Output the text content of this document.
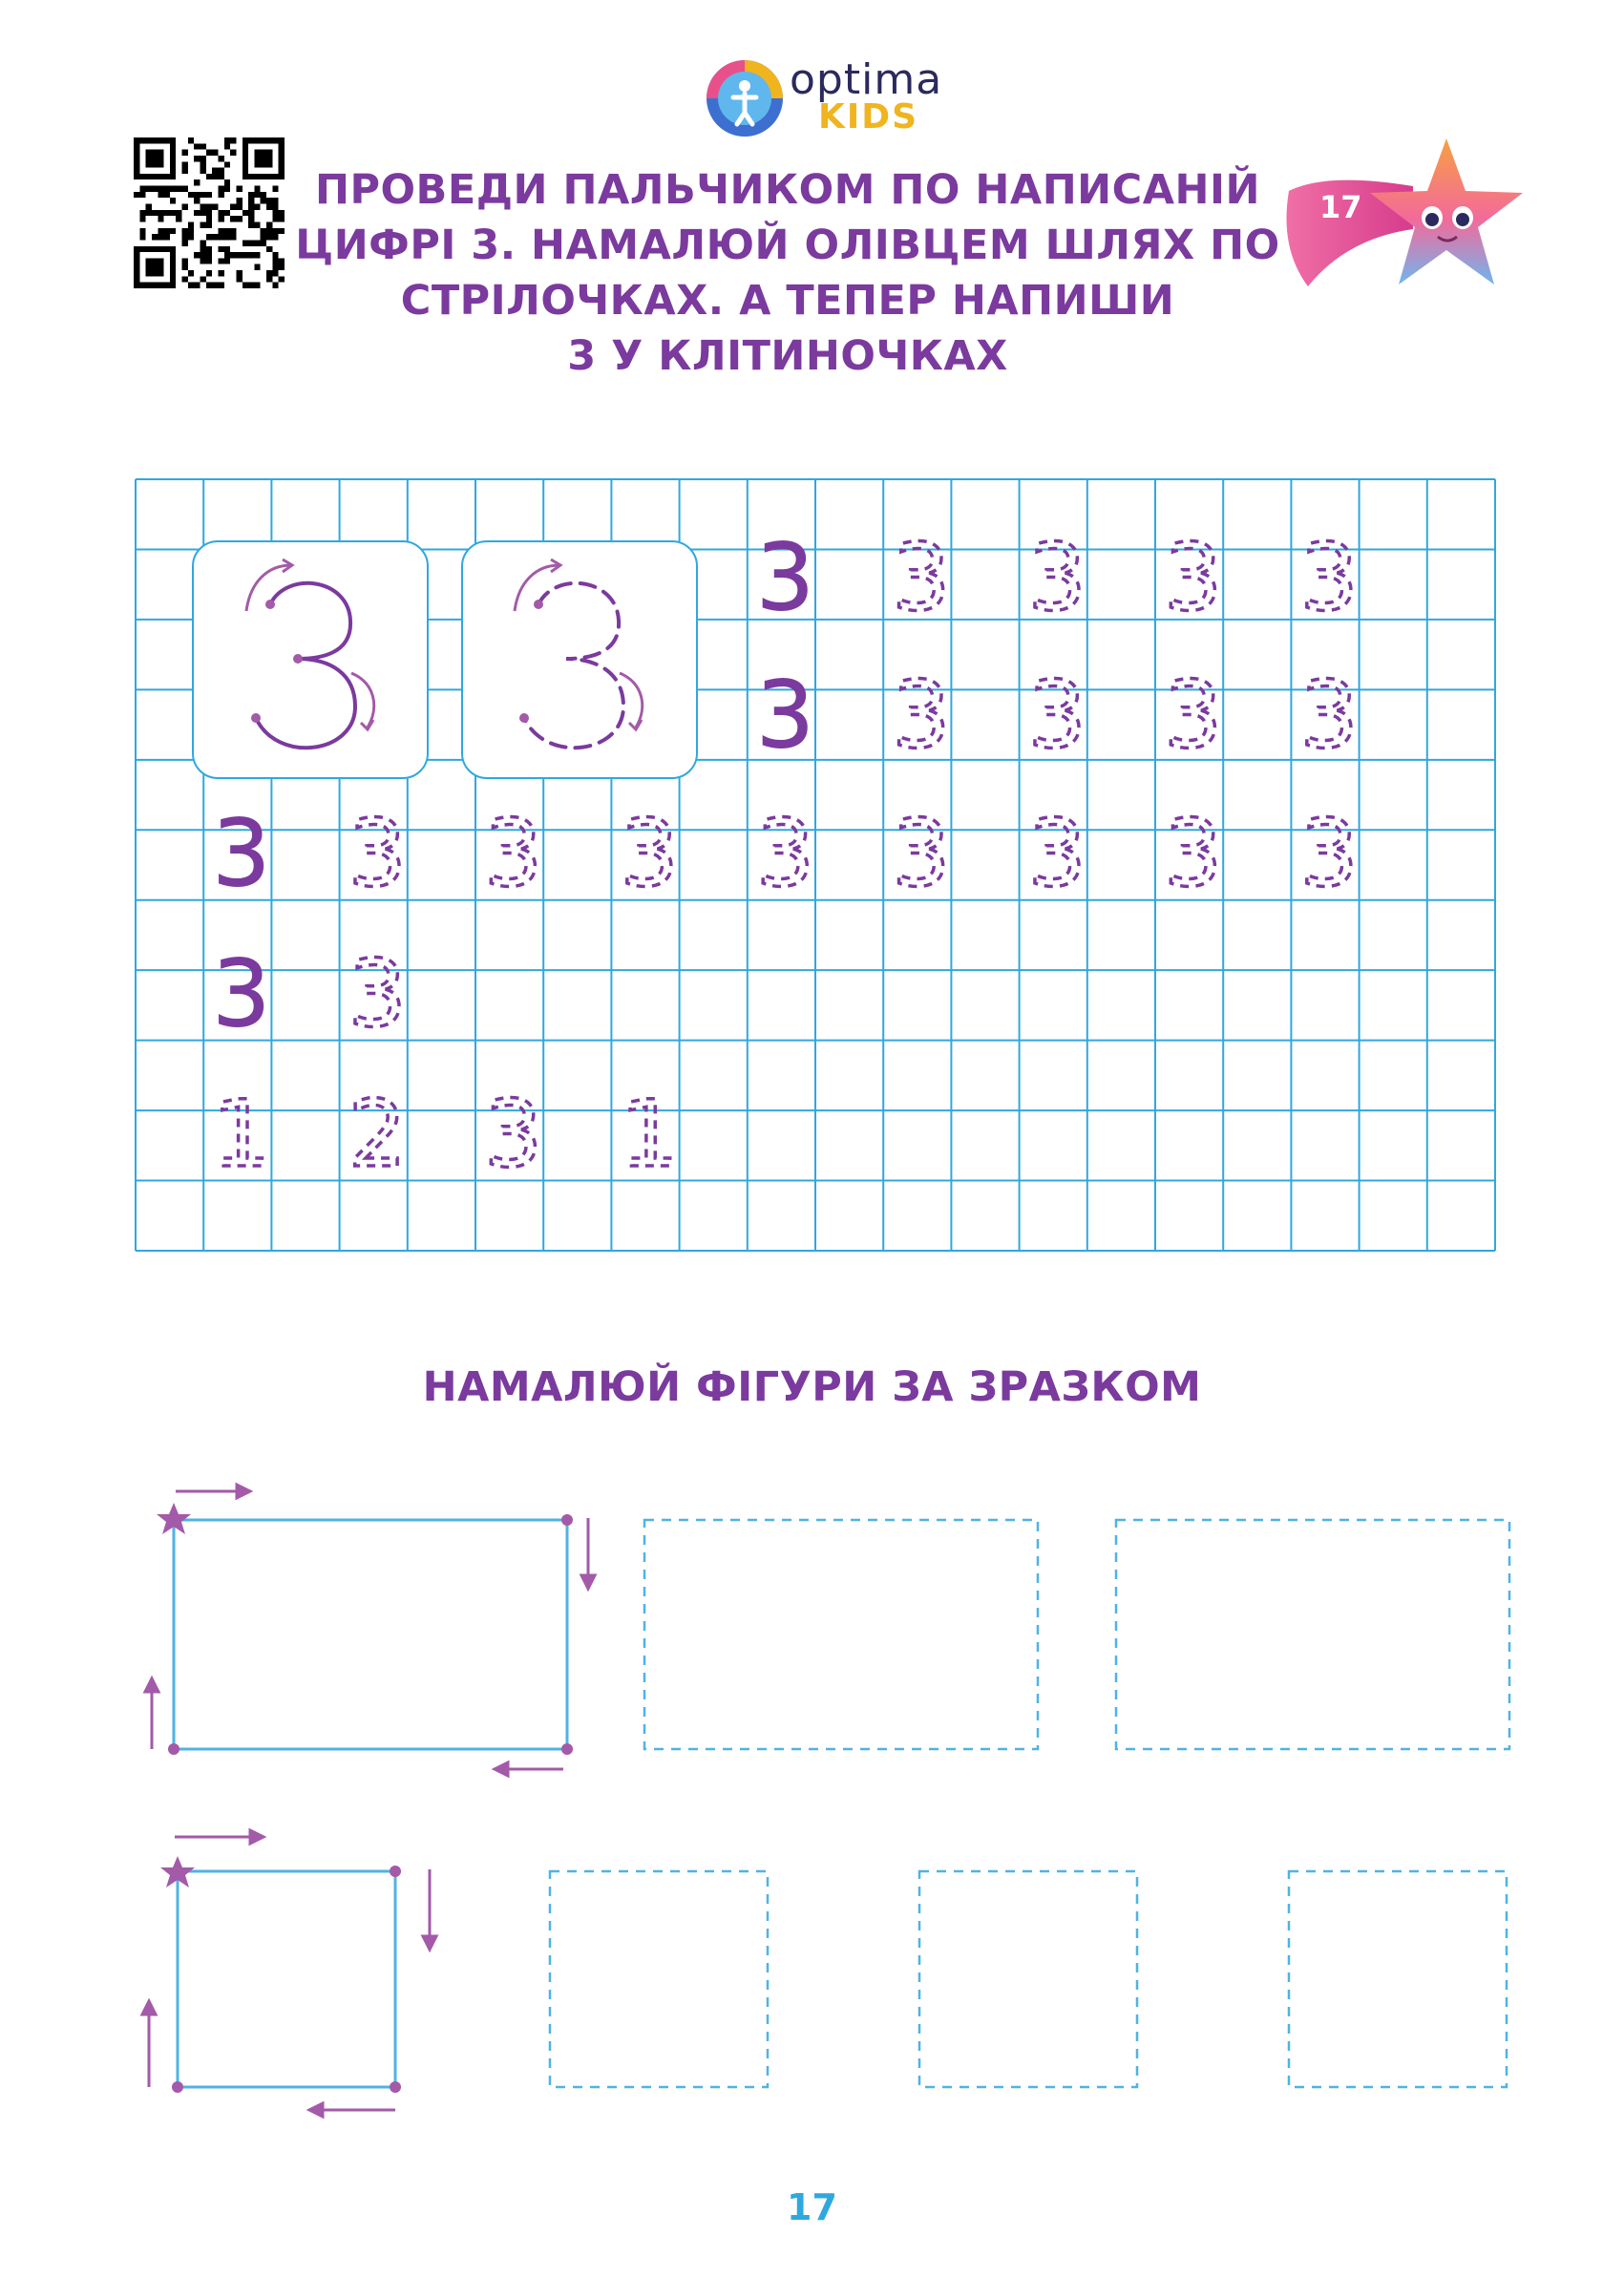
optima
KIDS
ПРОВЕДИ ПАЛЬЧИКОМ ПО НАПИСАНІЙ
ЦИФРІ 3. НАМАЛЮЙ ОЛІВЦЕМ ШЛЯХ ПО
СТРІЛОЧКАХ. А ТЕПЕР НАПИШИ
3 У КЛІТИНОЧКАХ
17
3 3 3 3 3
3 3 3 3 3
3 3 3 3 3 3 3 3 3
3 3
1 2 3 1
НАМАЛЮЙ ФІГУРИ ЗА ЗРАЗКОМ
17
